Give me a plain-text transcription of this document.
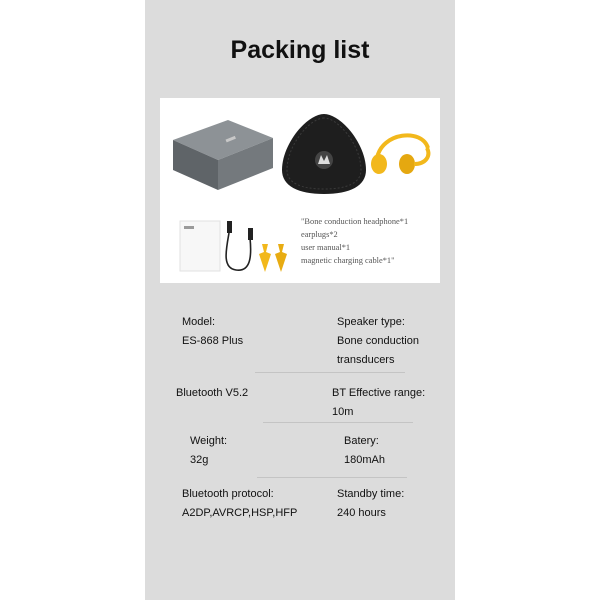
Packing list
"Bone conduction headphone*1
earplugs*2
user manual*1
magnetic charging cable*1"
Model:
ES-868 Plus
Speaker type:
Bone conduction
transducers
Bluetooth V5.2	BT Effective range:
10m
Weight:
32g
Batery:
180mAh
Bluetooth protocol:
A2DP,AVRCP,HSP,HFP
Standby time:
240 hours
